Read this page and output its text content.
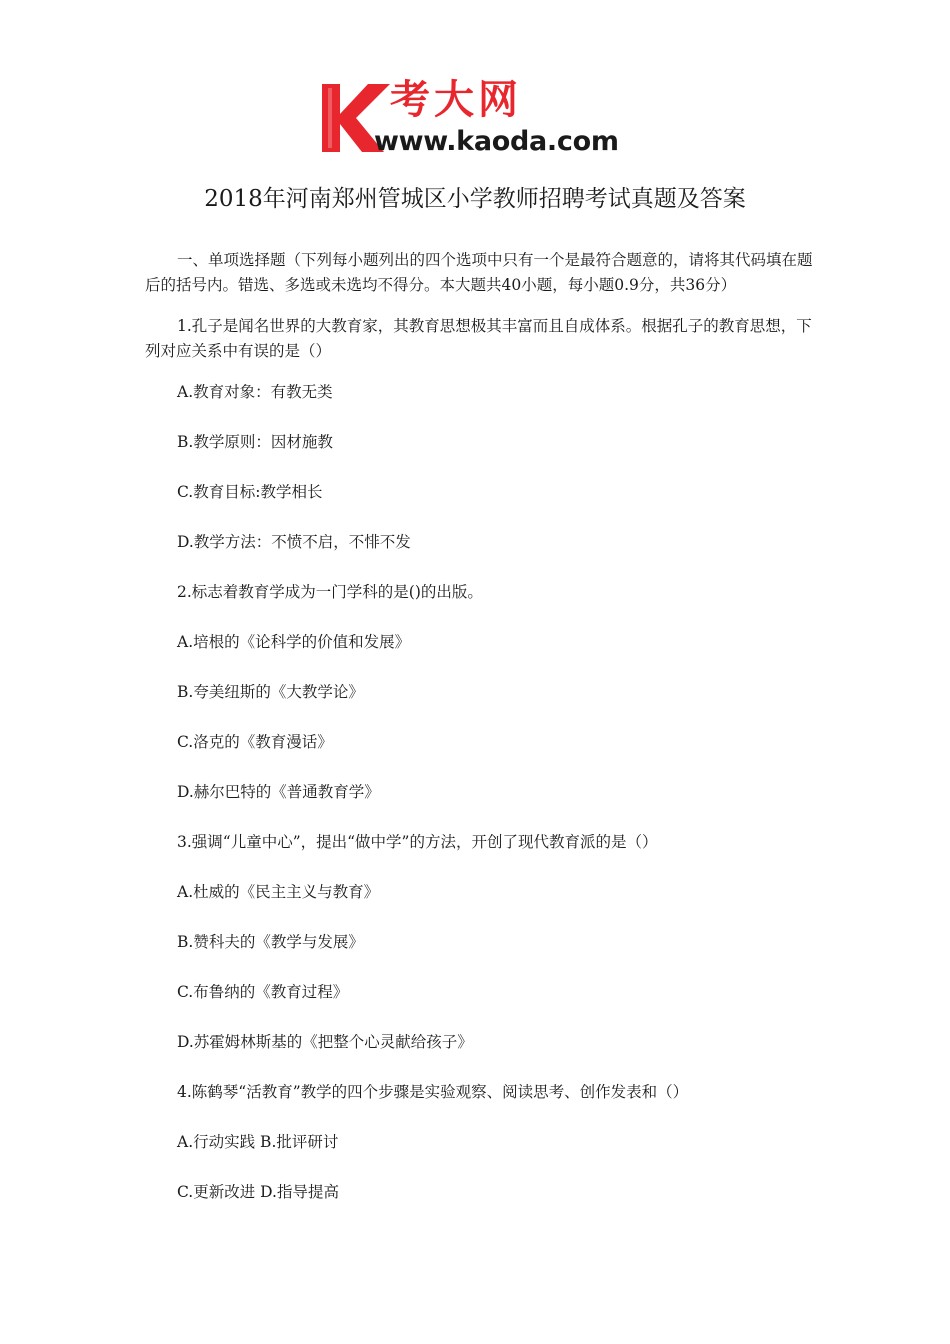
考大网
www.kaoda.com
2018年河南郑州管城区小学教师招聘考试真题及答案

一、单项选择题（下列每小题列出的四个选项中只有一个是最符合题意的，请将其代码填在题后的括号内。错选、多选或未选均不得分。本大题共40小题，每小题0.9分，共36分）

1.孔子是闻名世界的大教育家，其教育思想极其丰富而且自成体系。根据孔子的教育思想，下列对应关系中有误的是（）

A.教育对象：有教无类

B.教学原则：因材施教

C.教育目标:教学相长

D.教学方法：不愤不启，不悱不发

2.标志着教育学成为一门学科的是()的出版。

A.培根的《论科学的价值和发展》

B.夸美纽斯的《大教学论》

C.洛克的《教育漫话》

D.赫尔巴特的《普通教育学》

3.强调“儿童中心”，提出“做中学”的方法，开创了现代教育派的是（）

A.杜威的《民主主义与教育》

B.赞科夫的《教学与发展》

C.布鲁纳的《教育过程》

D.苏霍姆林斯基的《把整个心灵献给孩子》

4.陈鹤琴“活教育”教学的四个步骤是实验观察、阅读思考、创作发表和（）

A.行动实践 B.批评研讨

C.更新改进 D.指导提高
